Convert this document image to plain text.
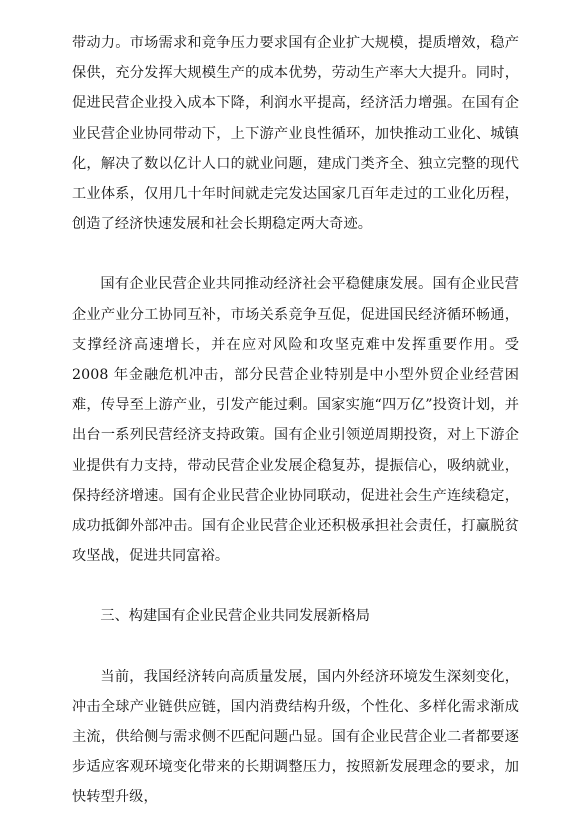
带动力。市场需求和竞争压力要求国有企业扩大规模，提质增效，稳产保供，充分发挥大规模生产的成本优势，劳动生产率大大提升。同时，促进民营企业投入成本下降，利润水平提高，经济活力增强。在国有企业民营企业协同带动下，上下游产业良性循环，加快推动工业化、城镇化，解决了数以亿计人口的就业问题，建成门类齐全、独立完整的现代工业体系，仅用几十年时间就走完发达国家几百年走过的工业化历程，创造了经济快速发展和社会长期稳定两大奇迹。

国有企业民营企业共同推动经济社会平稳健康发展。国有企业民营企业产业分工协同互补，市场关系竞争互促，促进国民经济循环畅通，支撑经济高速增长，并在应对风险和攻坚克难中发挥重要作用。受 2008 年金融危机冲击，部分民营企业特别是中小型外贸企业经营困难，传导至上游产业，引发产能过剩。国家实施“四万亿”投资计划，并出台一系列民营经济支持政策。国有企业引领逆周期投资，对上下游企业提供有力支持，带动民营企业发展企稳复苏，提振信心，吸纳就业，保持经济增速。国有企业民营企业协同联动，促进社会生产连续稳定，成功抵御外部冲击。国有企业民营企业还积极承担社会责任，打赢脱贫攻坚战，促进共同富裕。

三、构建国有企业民营企业共同发展新格局

当前，我国经济转向高质量发展，国内外经济环境发生深刻变化，冲击全球产业链供应链，国内消费结构升级，个性化、多样化需求渐成主流，供给侧与需求侧不匹配问题凸显。国有企业民营企业二者都要逐步适应客观环境变化带来的长期调整压力，按照新发展理念的要求，加快转型升级，
